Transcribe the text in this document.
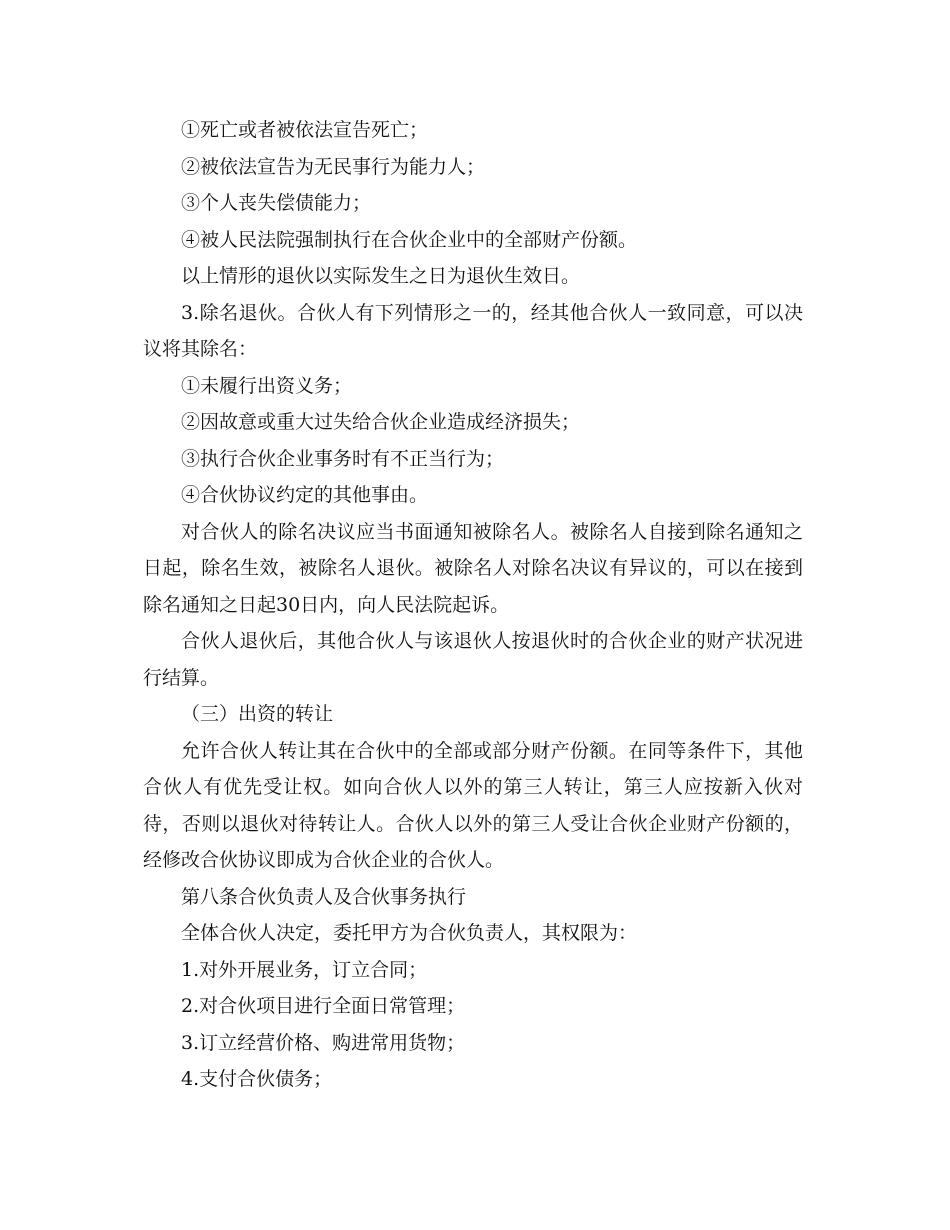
①死亡或者被依法宣告死亡；

②被依法宣告为无民事行为能力人；

③个人丧失偿债能力；

④被人民法院强制执行在合伙企业中的全部财产份额。

以上情形的退伙以实际发生之日为退伙生效日。

3.除名退伙。合伙人有下列情形之一的，经其他合伙人一致同意，可以决议将其除名：

①未履行出资义务；

②因故意或重大过失给合伙企业造成经济损失；

③执行合伙企业事务时有不正当行为；

④合伙协议约定的其他事由。

对合伙人的除名决议应当书面通知被除名人。被除名人自接到除名通知之日起，除名生效，被除名人退伙。被除名人对除名决议有异议的，可以在接到除名通知之日起30日内，向人民法院起诉。

合伙人退伙后，其他合伙人与该退伙人按退伙时的合伙企业的财产状况进行结算。

（三）出资的转让

允许合伙人转让其在合伙中的全部或部分财产份额。在同等条件下，其他合伙人有优先受让权。如向合伙人以外的第三人转让，第三人应按新入伙对待，否则以退伙对待转让人。合伙人以外的第三人受让合伙企业财产份额的，经修改合伙协议即成为合伙企业的合伙人。

第八条合伙负责人及合伙事务执行

全体合伙人决定，委托甲方为合伙负责人，其权限为：

1.对外开展业务，订立合同；

2.对合伙项目进行全面日常管理；

3.订立经营价格、购进常用货物；

4.支付合伙债务；
